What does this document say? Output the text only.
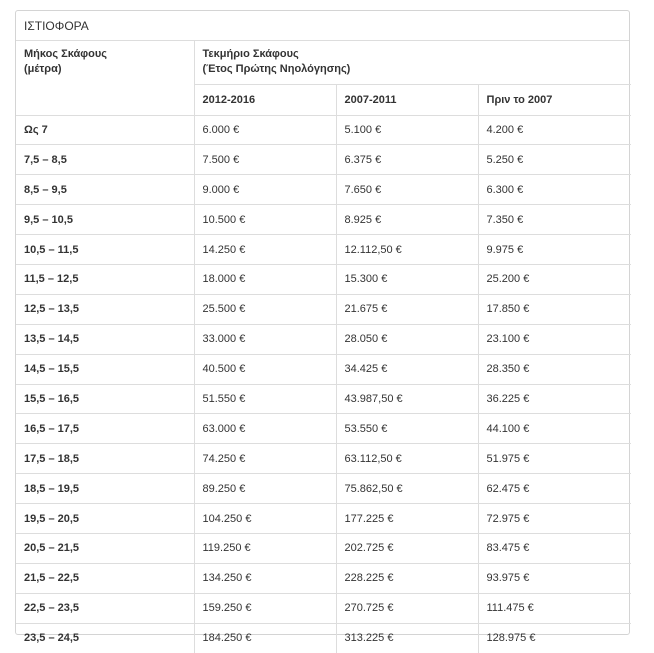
ΙΣΤΙΟΦΟΡΑ
Μήκος Σκάφους
(μέτρα)	Τεκμήριο Σκάφους
(Έτος Πρώτης Νηολόγησης)		
	2012-2016	2007-2011	Πριν το 2007
Ως 7	6.000 €	5.100 €	4.200 €
7,5 – 8,5	7.500 €	6.375 €	5.250 €
8,5 – 9,5	9.000 €	7.650 €	6.300 €
9,5 – 10,5	10.500 €	8.925 €	7.350 €
10,5 – 11,5	14.250 €	12.112,50 €	9.975 €
11,5 – 12,5	18.000 €	15.300 €	25.200 €
12,5 – 13,5	25.500 €	21.675 €	17.850 €
13,5 – 14,5	33.000 €	28.050 €	23.100 €
14,5 – 15,5	40.500 €	34.425 €	28.350 €
15,5 – 16,5	51.550 €	43.987,50 €	36.225 €
16,5 – 17,5	63.000 €	53.550 €	44.100 €
17,5 – 18,5	74.250 €	63.112,50 €	51.975 €
18,5 – 19,5	89.250 €	75.862,50 €	62.475 €
19,5 – 20,5	104.250 €	177.225 €	72.975 €
20,5 – 21,5	119.250 €	202.725 €	83.475 €
21,5 – 22,5	134.250 €	228.225 €	93.975 €
22,5 – 23,5	159.250 €	270.725 €	111.475 €
23,5 – 24,5	184.250 €	313.225 €	128.975 €
